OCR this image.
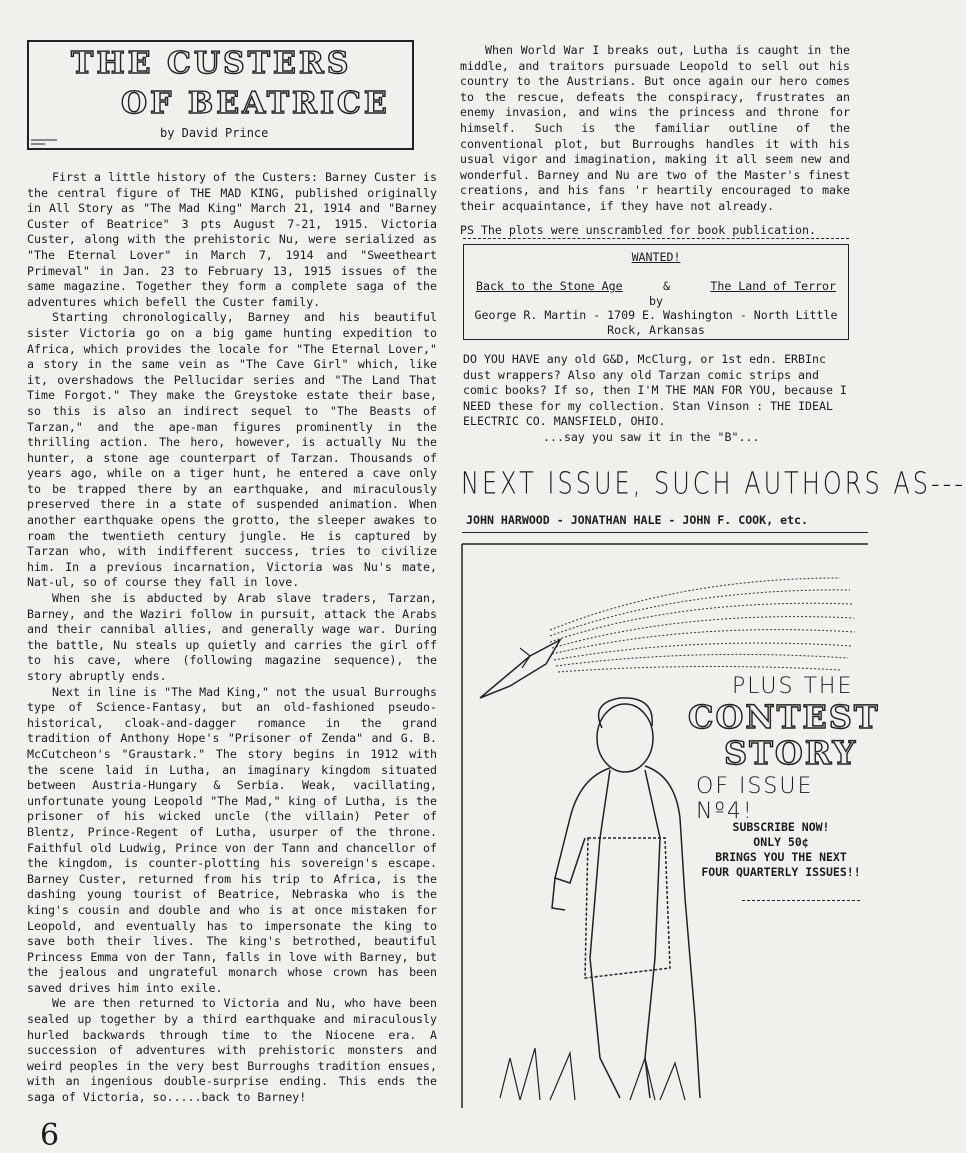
THE CUSTERS
OF BEATRICE
by David Prince

First a little history of the Custers: Barney Custer is the central figure of THE MAD KING, published originally in All Story as "The Mad King" March 21, 1914 and "Barney Custer of Beatrice" 3 pts August 7-21, 1915. Victoria Custer, along with the prehistoric Nu, were serialized as "The Eternal Lover" in March 7, 1914 and "Sweetheart Primeval" in Jan. 23 to February 13, 1915 issues of the same magazine. Together they form a complete saga of the adventures which befell the Custer family.

Starting chronologically, Barney and his beautiful sister Victoria go on a big game hunting expedition to Africa, which provides the locale for "The Eternal Lover," a story in the same vein as "The Cave Girl" which, like it, overshadows the Pellucidar series and "The Land That Time Forgot." They make the Greystoke estate their base, so this is also an indirect sequel to "The Beasts of Tarzan," and the ape-man figures prominently in the thrilling action. The hero, however, is actually Nu the hunter, a stone age counterpart of Tarzan. Thousands of years ago, while on a tiger hunt, he entered a cave only to be trapped there by an earthquake, and miraculously preserved there in a state of suspended animation. When another earthquake opens the grotto, the sleeper awakes to roam the twentieth century jungle. He is captured by Tarzan who, with indifferent success, tries to civilize him. In a previous incarnation, Victoria was Nu's mate, Nat-ul, so of course they fall in love.

When she is abducted by Arab slave traders, Tarzan, Barney, and the Waziri follow in pursuit, attack the Arabs and their cannibal allies, and generally wage war. During the battle, Nu steals up quietly and carries the girl off to his cave, where (following magazine sequence), the story abruptly ends.

Next in line is "The Mad King," not the usual Burroughs type of Science-Fantasy, but an old-fashioned pseudo-historical, cloak-and-dagger romance in the grand tradition of Anthony Hope's "Prisoner of Zenda" and G. B. McCutcheon's "Graustark." The story begins in 1912 with the scene laid in Lutha, an imaginary kingdom situated between Austria-Hungary & Serbia. Weak, vacillating, unfortunate young Leopold "The Mad," king of Lutha, is the prisoner of his wicked uncle (the villain) Peter of Blentz, Prince-Regent of Lutha, usurper of the throne. Faithful old Ludwig, Prince von der Tann and chancellor of the kingdom, is counter-plotting his sovereign's escape. Barney Custer, returned from his trip to Africa, is the dashing young tourist of Beatrice, Nebraska who is the king's cousin and double and who is at once mistaken for Leopold, and eventually has to impersonate the king to save both their lives. The king's betrothed, beautiful Princess Emma von der Tann, falls in love with Barney, but the jealous and ungrateful monarch whose crown has been saved drives him into exile.

We are then returned to Victoria and Nu, who have been sealed up together by a third earthquake and miraculously hurled backwards through time to the Niocene era. A succession of adventures with prehistoric monsters and weird peoples in the very best Burroughs tradition ensues, with an ingenious double-surprise ending. This ends the saga of Victoria, so.....back to Barney!

When World War I breaks out, Lutha is caught in the middle, and traitors pursuade Leopold to sell out his country to the Austrians. But once again our hero comes to the rescue, defeats the conspiracy, frustrates an enemy invasion, and wins the princess and throne for himself. Such is the familiar outline of the conventional plot, but Burroughs handles it with his usual vigor and imagination, making it all seem new and wonderful. Barney and Nu are two of the Master's finest creations, and his fans 'r heartily encouraged to make their acquaintance, if they have not already.

PS The plots were unscrambled for book publication.

WANTED!
Back to the Stone Age	&	The Land of Terror
by
George R. Martin - 1709 E. Washington - North Little Rock, Arkansas

DO YOU HAVE any old G&D, McClurg, or 1st edn. ERBInc dust wrappers? Also any old Tarzan comic strips and comic books? If so, then I'M THE MAN FOR YOU, because I NEED these for my collection. Stan Vinson : THE IDEAL ELECTRIC CO. MANSFIELD, OHIO.

...say you saw it in the "B"...

NEXT ISSUE, SUCH AUTHORS AS---
JOHN HARWOOD - JONATHAN HALE - JOHN F. COOK, etc.
PLUS THE
CONTEST
STORY
OF ISSUE Nº4!
SUBSCRIBE NOW!
ONLY 50¢
BRINGS YOU THE NEXT
FOUR QUARTERLY ISSUES!!
6
